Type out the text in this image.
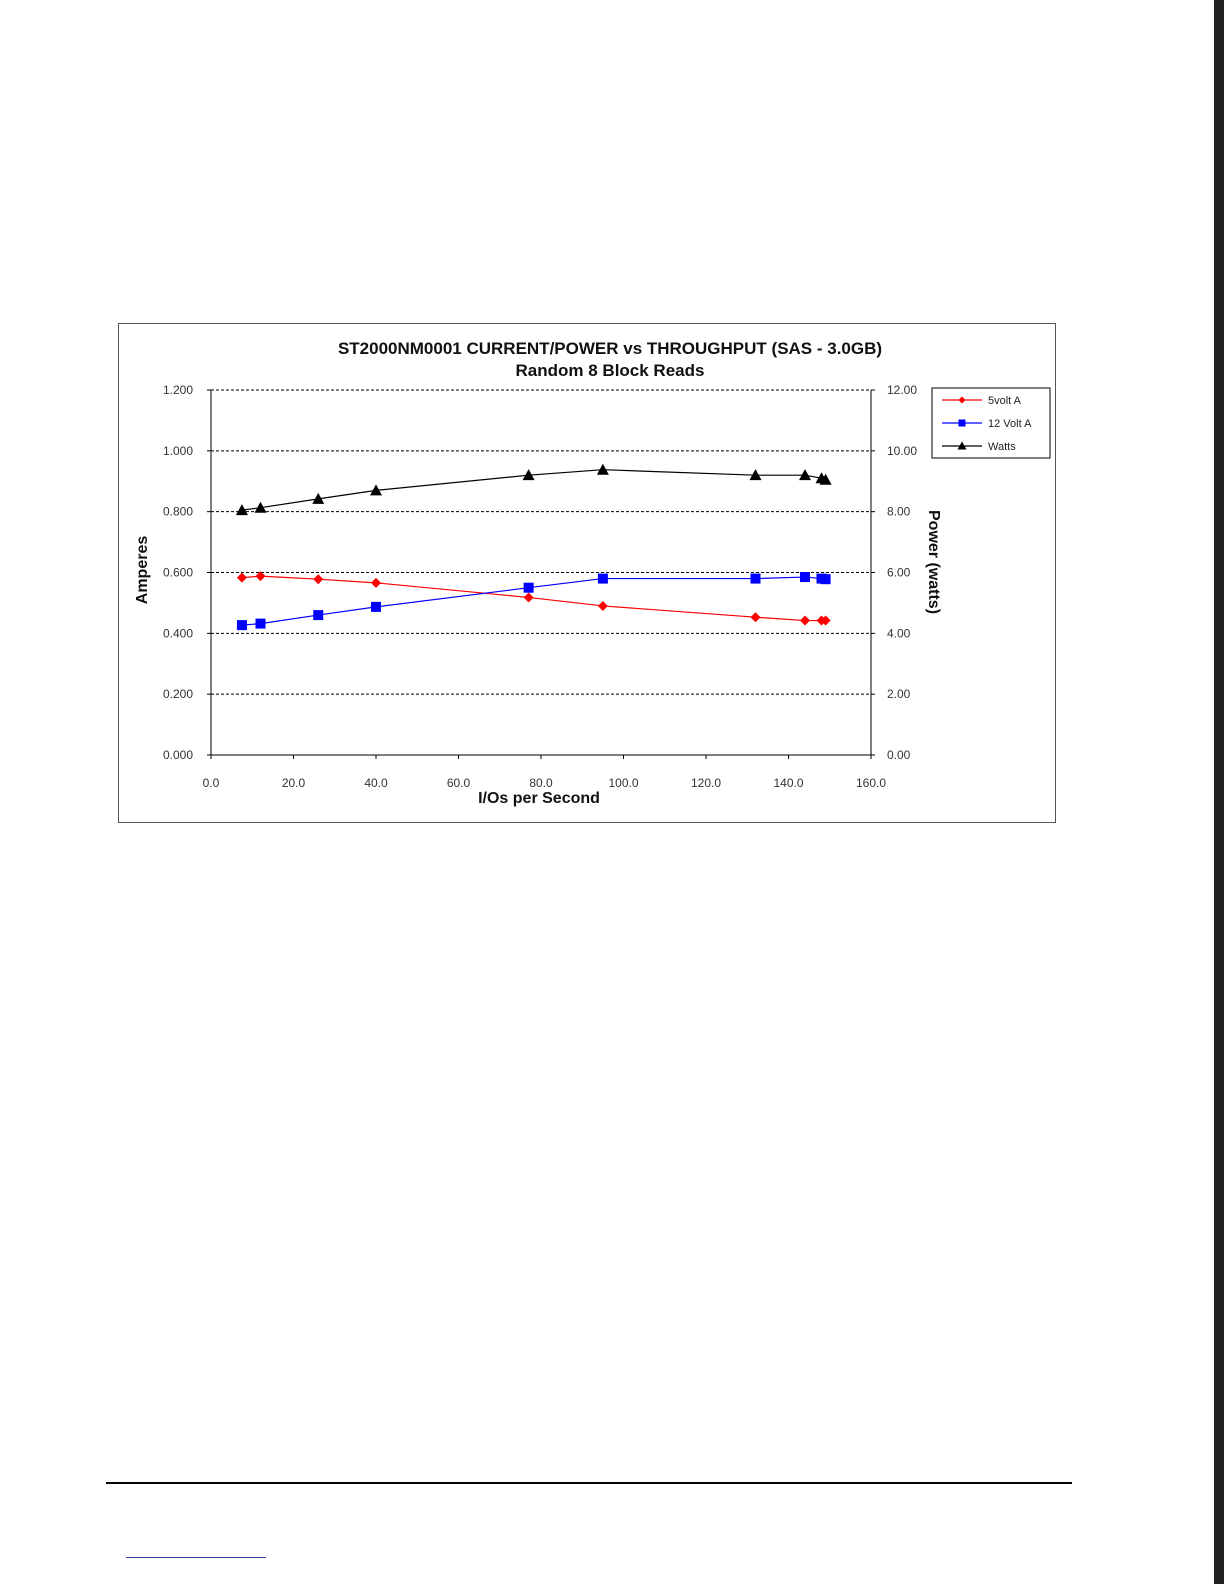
ST2000NM0001 CURRENT/POWER vs THROUGHPUT (SAS - 3.0GB)
Random 8 Block Reads
I/Os per Second
Amperes	Power (watts)
0.0	20.0	40.0	60.0	80.0	100.0	120.0	140.0	160.0
0.000
0.200
0.400
0.600
0.800
1.000
1.200
0.00
2.00
4.00
6.00
8.00
10.00
12.00
5volt A
12 Volt A
Watts
